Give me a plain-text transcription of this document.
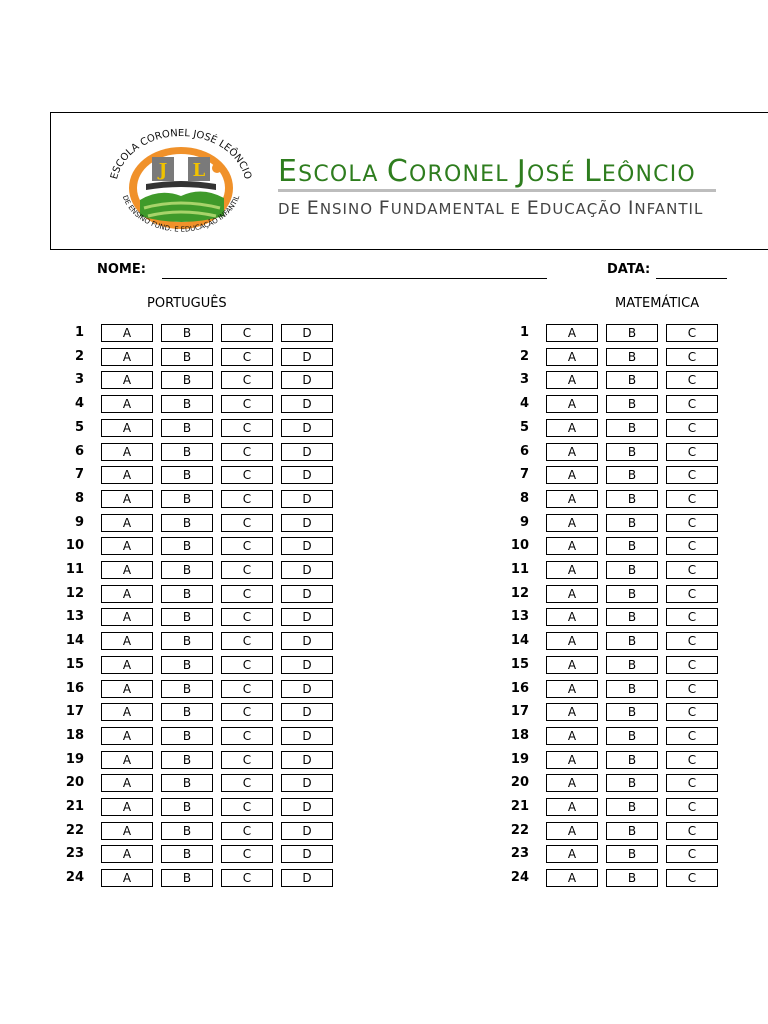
J L
ESCOLA CORONEL JOSÉ LEÔNCIO
DE ENSINO FUND. E EDUCAÇÃO INFANTIL
ESCOLA CORONEL JOSÉ LEÔNCIO
DE ENSINO FUNDAMENTAL E EDUCAÇÃO INFANTIL
NOME:	DATA:
PORTUGUÊS	MATEMÁTICA
1	A	B	C	D
2	A	B	C	D
3	A	B	C	D
4	A	B	C	D
5	A	B	C	D
6	A	B	C	D
7	A	B	C	D
8	A	B	C	D
9	A	B	C	D
10	A	B	C	D
11	A	B	C	D
12	A	B	C	D
13	A	B	C	D
14	A	B	C	D
15	A	B	C	D
16	A	B	C	D
17	A	B	C	D
18	A	B	C	D
19	A	B	C	D
20	A	B	C	D
21	A	B	C	D
22	A	B	C	D
23	A	B	C	D
24	A	B	C	D
1	A	B	C
2	A	B	C
3	A	B	C
4	A	B	C
5	A	B	C
6	A	B	C
7	A	B	C
8	A	B	C
9	A	B	C
10	A	B	C
11	A	B	C
12	A	B	C
13	A	B	C
14	A	B	C
15	A	B	C
16	A	B	C
17	A	B	C
18	A	B	C
19	A	B	C
20	A	B	C
21	A	B	C
22	A	B	C
23	A	B	C
24	A	B	C
